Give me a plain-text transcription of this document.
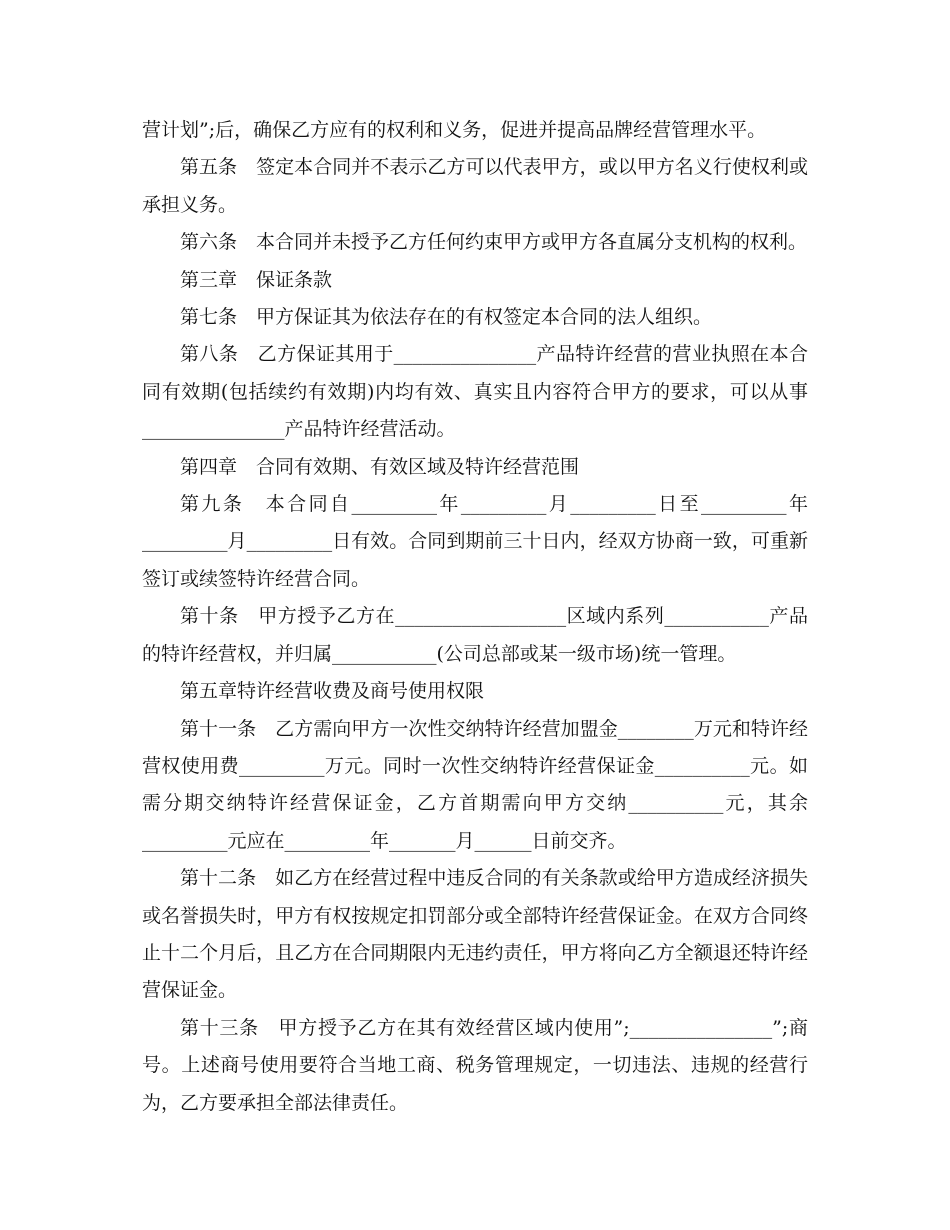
营计划”;后，确保乙方应有的权利和义务，促进并提高品牌经营管理水平。

第五条　签定本合同并不表示乙方可以代表甲方，或以甲方名义行使权利或承担义务。

第六条　本合同并未授予乙方任何约束甲方或甲方各直属分支机构的权利。

第三章　保证条款

第七条　甲方保证其为依法存在的有权签定本合同的法人组织。

第八条　乙方保证其用于_______________产品特许经营的营业执照在本合同有效期(包括续约有效期)内均有效、真实且内容符合甲方的要求，可以从事_______________产品特许经营活动。

第四章　合同有效期、有效区域及特许经营范围

第九条　本合同自_________年_________月_________日至_________年_________月_________日有效。合同到期前三十日内，经双方协商一致，可重新签订或续签特许经营合同。

第十条　甲方授予乙方在__________________区域内系列___________产品的特许经营权，并归属___________(公司总部或某一级市场)统一管理。

第五章特许经营收费及商号使用权限

第十一条　乙方需向甲方一次性交纳特许经营加盟金________万元和特许经营权使用费_________万元。同时一次性交纳特许经营保证金__________元。如需分期交纳特许经营保证金，乙方首期需向甲方交纳__________元，其余_________元应在_________年_______月______日前交齐。

第十二条　如乙方在经营过程中违反合同的有关条款或给甲方造成经济损失或名誉损失时，甲方有权按规定扣罚部分或全部特许经营保证金。在双方合同终止十二个月后，且乙方在合同期限内无违约责任，甲方将向乙方全额退还特许经营保证金。

第十三条　甲方授予乙方在其有效经营区域内使用”;_______________”;商号。上述商号使用要符合当地工商、税务管理规定，一切违法、违规的经营行为，乙方要承担全部法律责任。
